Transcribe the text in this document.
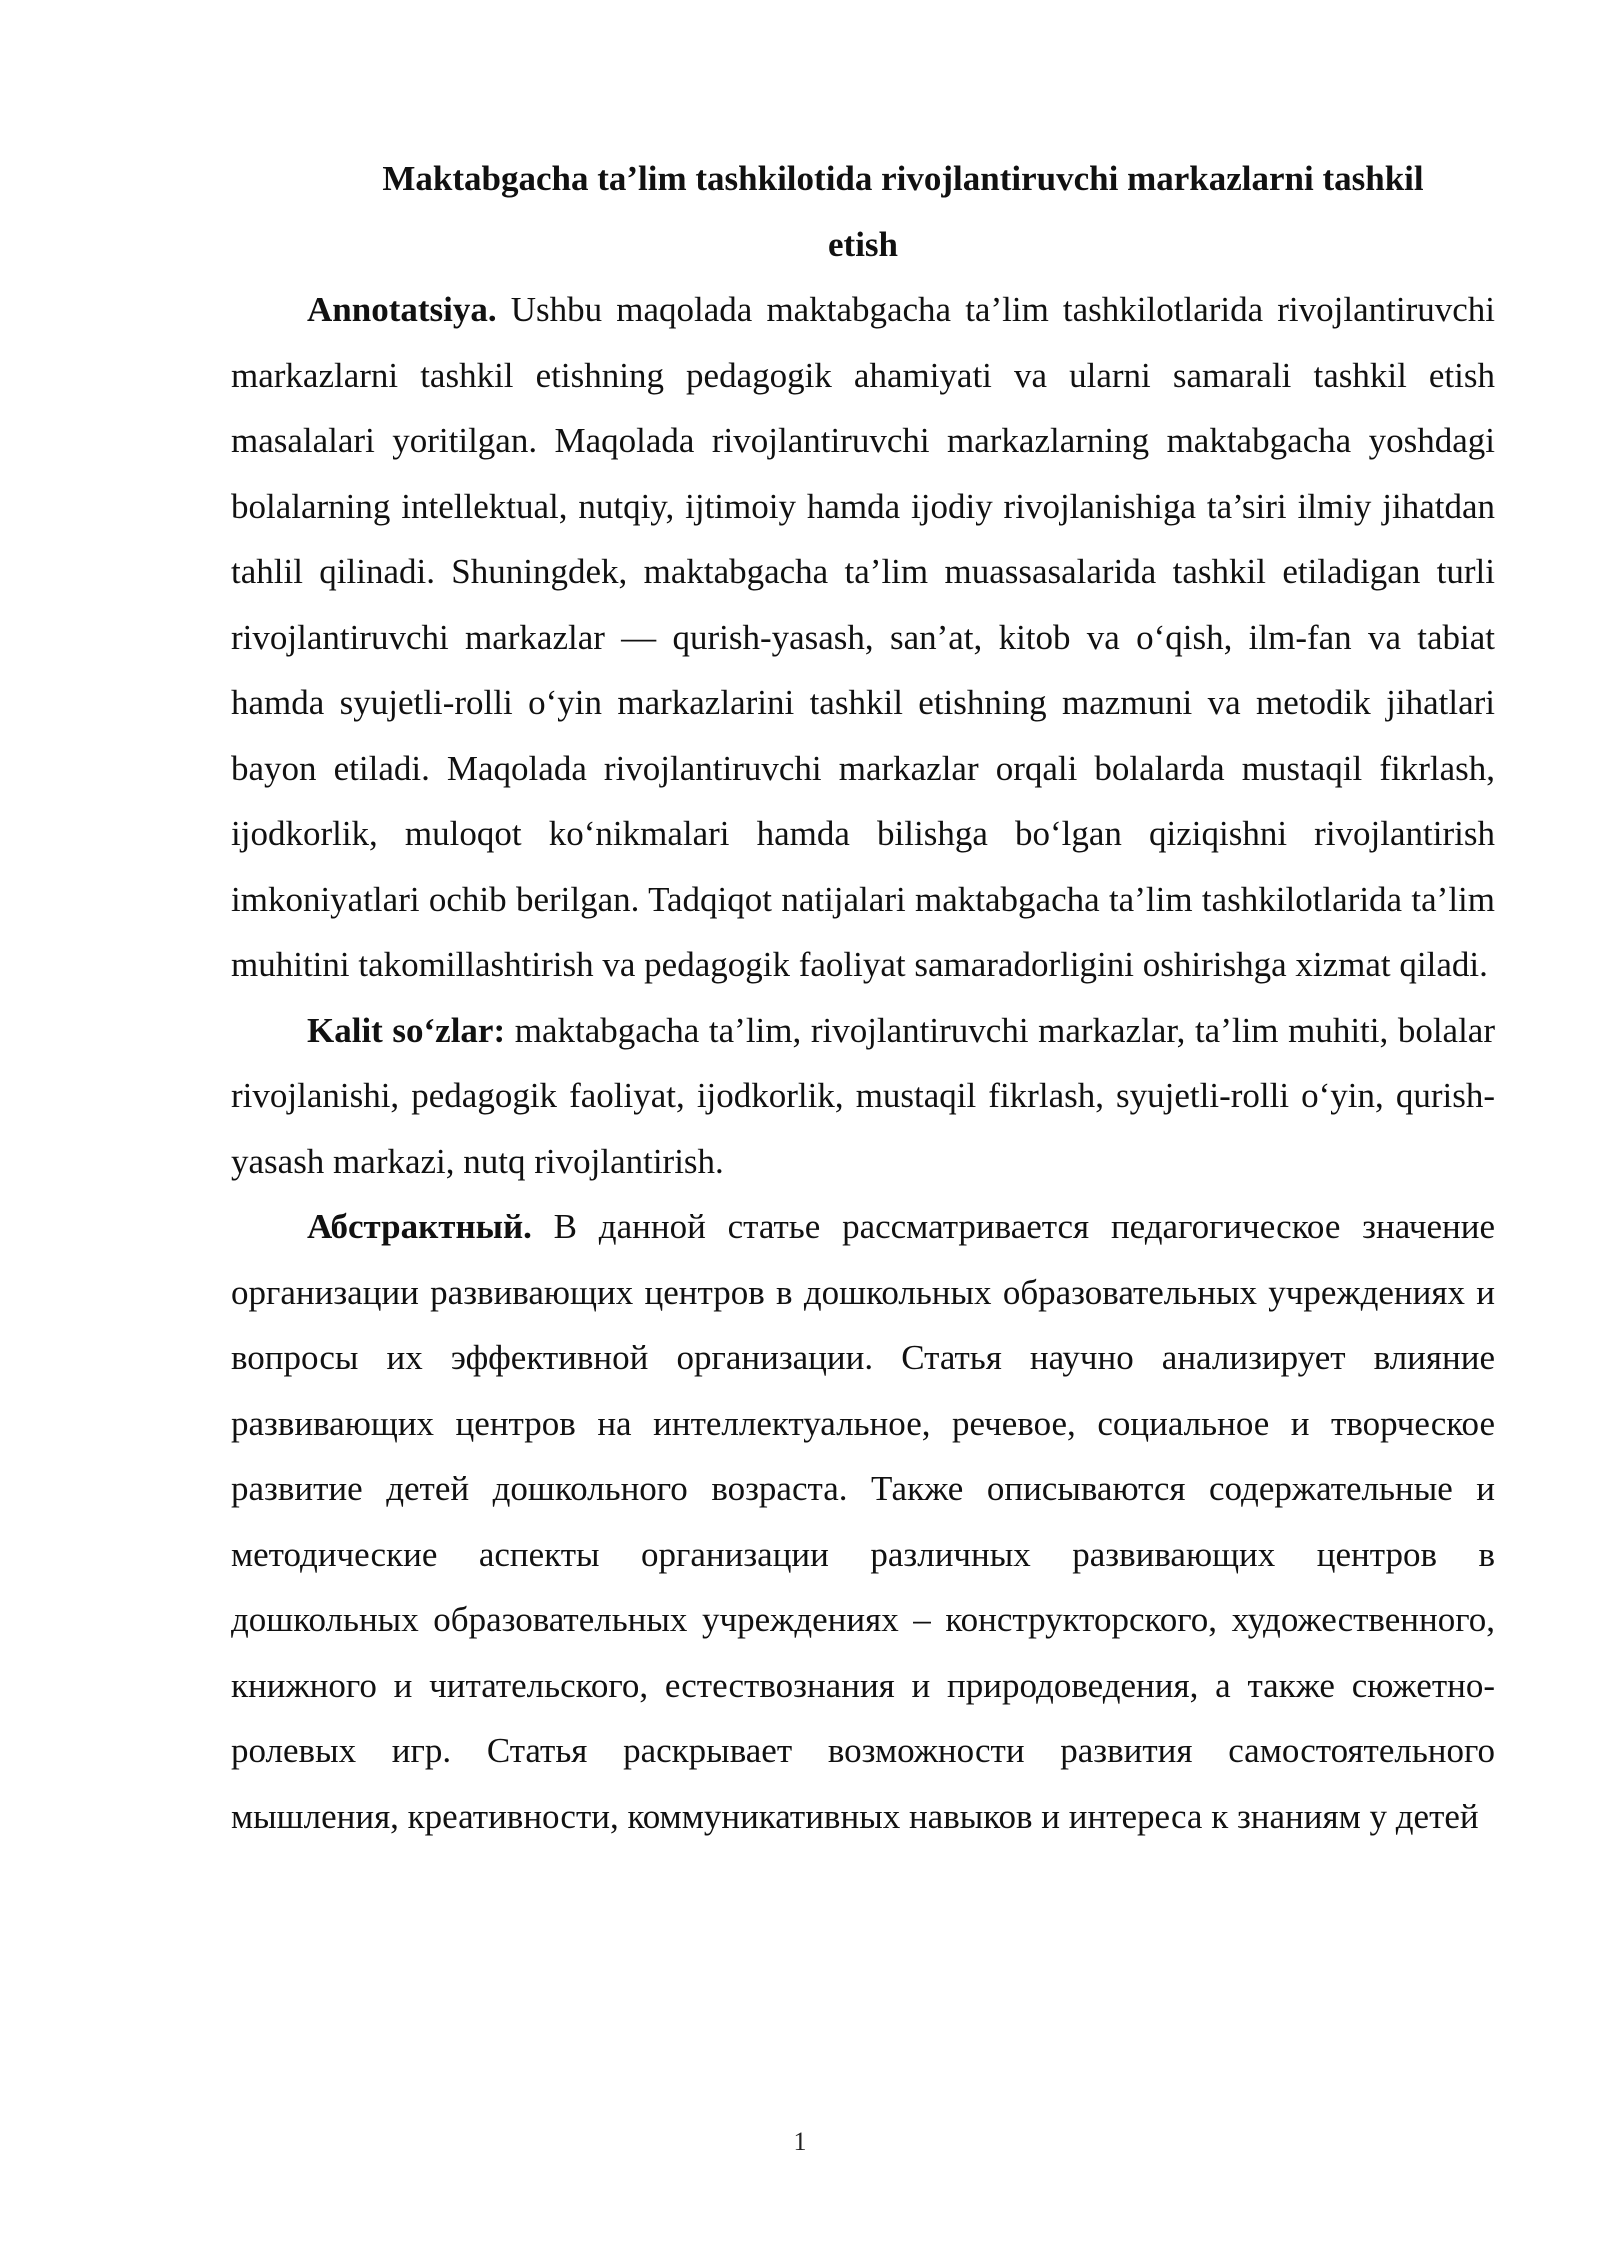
Maktabgacha ta’lim tashkilotida rivojlantiruvchi markazlarni tashkil
etish

Annotatsiya. Ushbu maqolada maktabgacha ta’lim tashkilotlarida rivojlantiruvchi markazlarni tashkil etishning pedagogik ahamiyati va ularni samarali tashkil etish masalalari yoritilgan. Maqolada rivojlantiruvchi markazlarning maktabgacha yoshdagi bolalarning intellektual, nutqiy, ijtimoiy hamda ijodiy rivojlanishiga ta’siri ilmiy jihatdan tahlil qilinadi. Shuningdek, maktabgacha ta’lim muassasalarida tashkil etiladigan turli rivojlantiruvchi markazlar — qurish-yasash, san’at, kitob va o‘qish, ilm-fan va tabiat hamda syujetli-rolli o‘yin markazlarini tashkil etishning mazmuni va metodik jihatlari bayon etiladi. Maqolada rivojlantiruvchi markazlar orqali bolalarda mustaqil fikrlash, ijodkorlik, muloqot ko‘nikmalari hamda bilishga bo‘lgan qiziqishni rivojlantirish imkoniyatlari ochib berilgan. Tadqiqot natijalari maktabgacha ta’lim tashkilotlarida ta’lim muhitini takomillashtirish va pedagogik faoliyat samaradorligini oshirishga xizmat qiladi.

Kalit so‘zlar: maktabgacha ta’lim, rivojlantiruvchi markazlar, ta’lim muhiti, bolalar rivojlanishi, pedagogik faoliyat, ijodkorlik, mustaqil fikrlash, syujetli-rolli o‘yin, qurish-yasash markazi, nutq rivojlantirish.

Абстрактный. В данной статье рассматривается педагогическое значение организации развивающих центров в дошкольных образовательных учреждениях и вопросы их эффективной организации. Статья научно анализирует влияние развивающих центров на интеллектуальное, речевое, социальное и творческое развитие детей дошкольного возраста. Также описываются содержательные и методические аспекты организации различных развивающих центров в дошкольных образовательных учреждениях – конструкторского, художественного, книжного и читательского, естествознания и природоведения, а также сюжетно-ролевых игр. Статья раскрывает возможности развития самостоятельного мышления, креативности, коммуникативных навыков и интереса к знаниям у детей

1
